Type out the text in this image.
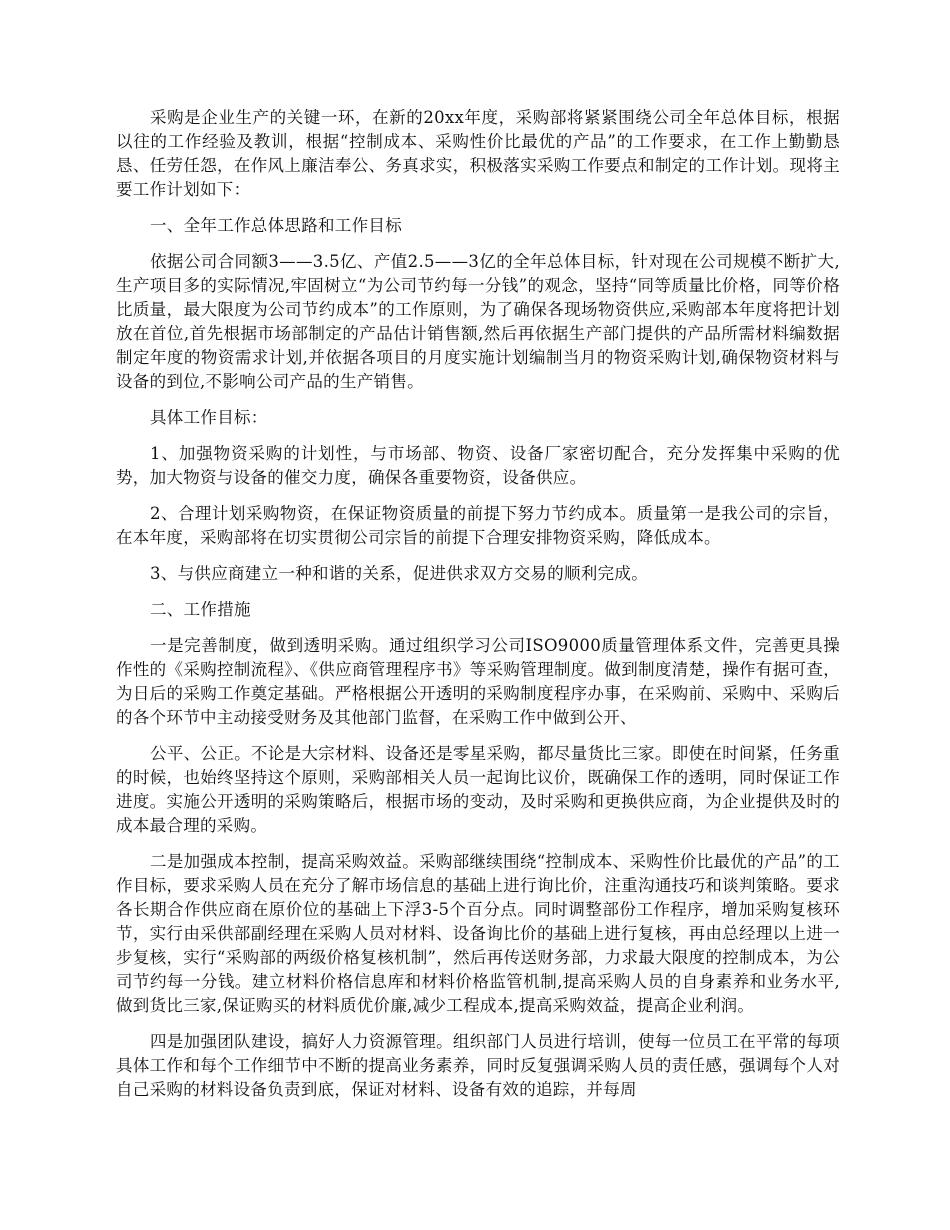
采购是企业生产的关键一环，在新的20xx年度，采购部将紧紧围绕公司全年总体目标，根据以往的工作经验及教训，根据“控制成本、采购性价比最优的产品”的工作要求，在工作上勤勤恳恳、任劳任怨，在作风上廉洁奉公、务真求实，积极落实采购工作要点和制定的工作计划。现将主要工作计划如下：

一、全年工作总体思路和工作目标

依据公司合同额3——3.5亿、产值2.5——3亿的全年总体目标，针对现在公司规模不断扩大,生产项目多的实际情况,牢固树立“为公司节约每一分钱”的观念，坚持“同等质量比价格，同等价格比质量，最大限度为公司节约成本”的工作原则，为了确保各现场物资供应,采购部本年度将把计划放在首位,首先根据市场部制定的产品估计销售额,然后再依据生产部门提供的产品所需材料编数据制定年度的物资需求计划,并依据各项目的月度实施计划编制当月的物资采购计划,确保物资材料与设备的到位,不影响公司产品的生产销售。

具体工作目标：

1、加强物资采购的计划性，与市场部、物资、设备厂家密切配合，充分发挥集中采购的优势，加大物资与设备的催交力度，确保各重要物资，设备供应。

2、合理计划采购物资，在保证物资质量的前提下努力节约成本。质量第一是我公司的宗旨，在本年度，采购部将在切实贯彻公司宗旨的前提下合理安排物资采购，降低成本。

3、与供应商建立一种和谐的关系，促进供求双方交易的顺利完成。

二、工作措施

一是完善制度，做到透明采购。通过组织学习公司ISO9000质量管理体系文件，完善更具操作性的《采购控制流程》、《供应商管理程序书》等采购管理制度。做到制度清楚，操作有据可查，为日后的采购工作奠定基础。严格根据公开透明的采购制度程序办事，在采购前、采购中、采购后的各个环节中主动接受财务及其他部门监督，在采购工作中做到公开、

公平、公正。不论是大宗材料、设备还是零星采购，都尽量货比三家。即使在时间紧，任务重的时候，也始终坚持这个原则，采购部相关人员一起询比议价，既确保工作的透明，同时保证工作进度。实施公开透明的采购策略后，根据市场的变动，及时采购和更换供应商，为企业提供及时的成本最合理的采购。

二是加强成本控制，提高采购效益。采购部继续围绕“控制成本、采购性价比最优的产品”的工作目标，要求采购人员在充分了解市场信息的基础上进行询比价，注重沟通技巧和谈判策略。要求各长期合作供应商在原价位的基础上下浮3-5个百分点。同时调整部份工作程序，增加采购复核环节，实行由采供部副经理在采购人员对材料、设备询比价的基础上进行复核，再由总经理以上进一步复核，实行“采购部的两级价格复核机制”，然后再传送财务部，力求最大限度的控制成本，为公司节约每一分钱。建立材料价格信息库和材料价格监管机制,提高采购人员的自身素养和业务水平,做到货比三家,保证购买的材料质优价廉,减少工程成本,提高采购效益，提高企业利润。

四是加强团队建设，搞好人力资源管理。组织部门人员进行培训，使每一位员工在平常的每项具体工作和每个工作细节中不断的提高业务素养，同时反复强调采购人员的责任感，强调每个人对自己采购的材料设备负责到底，保证对材料、设备有效的追踪，并每周
